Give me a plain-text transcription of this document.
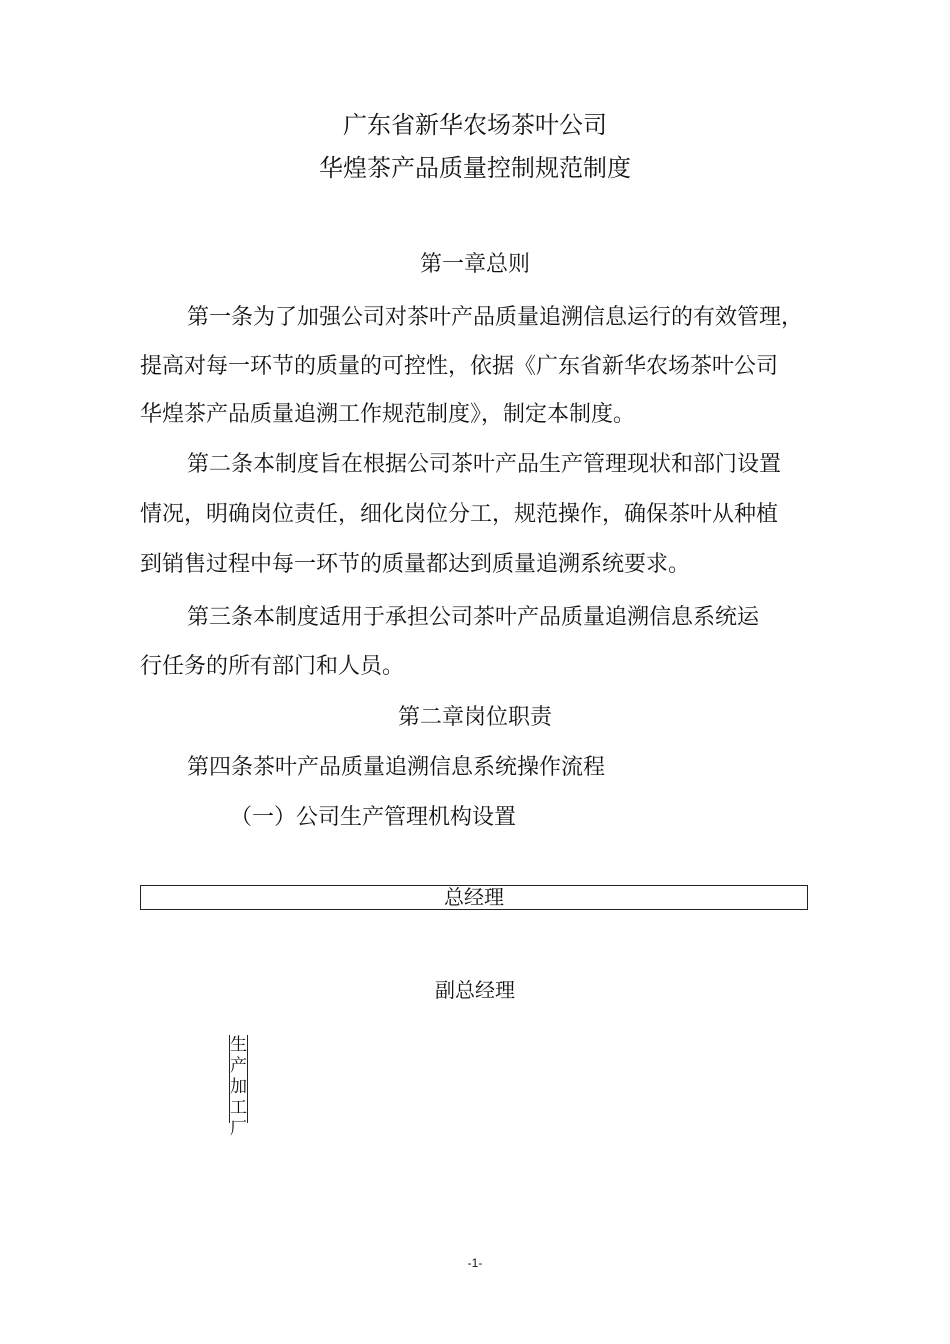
广东省新华农场茶叶公司
华煌茶产品质量控制规范制度
第一章总则
第一条为了加强公司对茶叶产品质量追溯信息运行的有效管理，
提高对每一环节的质量的可控性，依据《广东省新华农场茶叶公司
华煌茶产品质量追溯工作规范制度》，制定本制度。
第二条本制度旨在根据公司茶叶产品生产管理现状和部门设置
情况，明确岗位责任，细化岗位分工，规范操作，确保茶叶从种植
到销售过程中每一环节的质量都达到质量追溯系统要求。
第三条本制度适用于承担公司茶叶产品质量追溯信息系统运
行任务的所有部门和人员。
第二章岗位职责
第四条茶叶产品质量追溯信息系统操作流程
（一）公司生产管理机构设置
总经理
副总经理
生
产
加
工
厂
-1-
